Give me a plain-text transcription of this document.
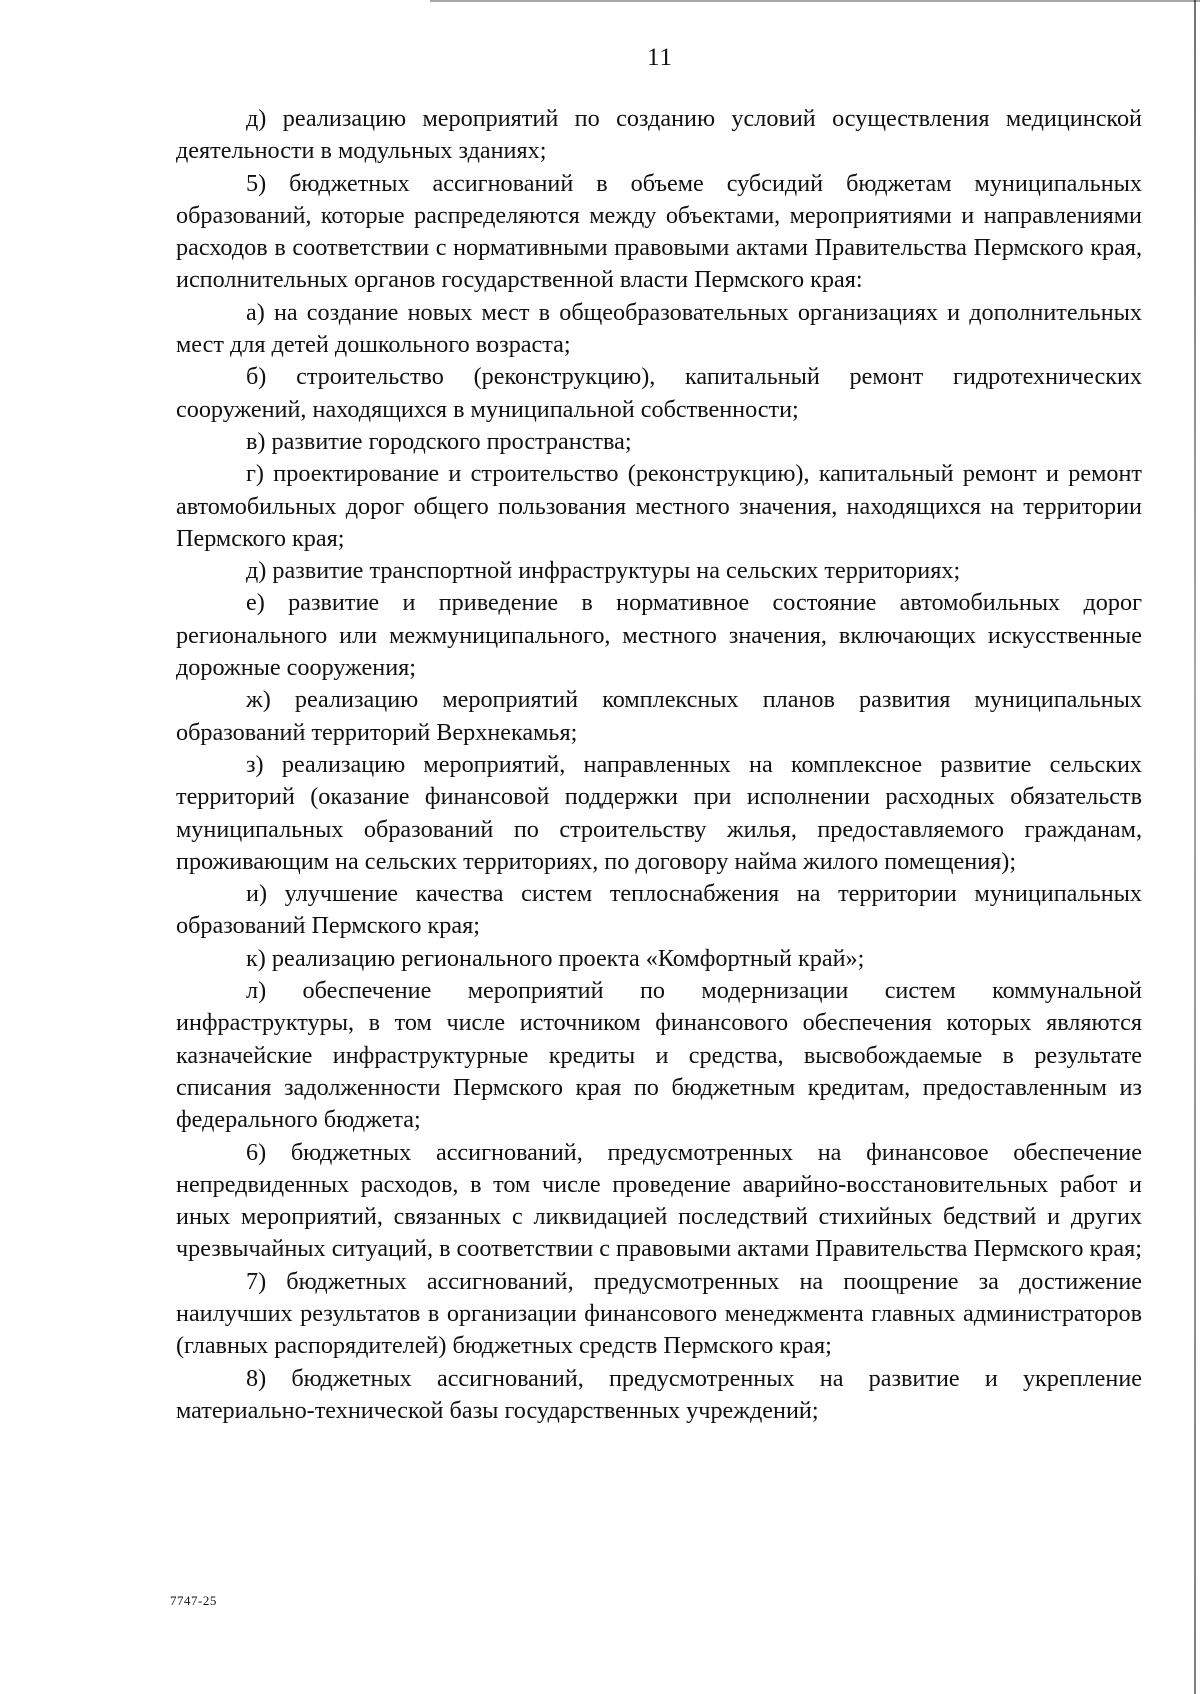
11

д) реализацию мероприятий по созданию условий осуществления медицинской деятельности в модульных зданиях;

5) бюджетных ассигнований в объеме субсидий бюджетам муниципальных образований, которые распределяются между объектами, мероприятиями и направлениями расходов в соответствии с нормативными правовыми актами Правительства Пермского края, исполнительных органов государственной власти Пермского края:

а) на создание новых мест в общеобразовательных организациях и дополнительных мест для детей дошкольного возраста;

б) строительство (реконструкцию), капитальный ремонт гидротехнических сооружений, находящихся в муниципальной собственности;

в) развитие городского пространства;

г) проектирование и строительство (реконструкцию), капитальный ремонт и ремонт автомобильных дорог общего пользования местного значения, находящихся на территории Пермского края;

д) развитие транспортной инфраструктуры на сельских территориях;

е) развитие и приведение в нормативное состояние автомобильных дорог регионального или межмуниципального, местного значения, включающих искусственные дорожные сооружения;

ж) реализацию мероприятий комплексных планов развития муниципальных образований территорий Верхнекамья;

з) реализацию мероприятий, направленных на комплексное развитие сельских территорий (оказание финансовой поддержки при исполнении расходных обязательств муниципальных образований по строительству жилья, предоставляемого гражданам, проживающим на сельских территориях, по договору найма жилого помещения);

и) улучшение качества систем теплоснабжения на территории муниципальных образований Пермского края;

к) реализацию регионального проекта «Комфортный край»;

л) обеспечение мероприятий по модернизации систем коммунальной инфраструктуры, в том числе источником финансового обеспечения которых являются казначейские инфраструктурные кредиты и средства, высвобождаемые в результате списания задолженности Пермского края по бюджетным кредитам, предоставленным из федерального бюджета;

6) бюджетных ассигнований, предусмотренных на финансовое обеспечение непредвиденных расходов, в том числе проведение аварийно-восстановительных работ и иных мероприятий, связанных с ликвидацией последствий стихийных бедствий и других чрезвычайных ситуаций, в соответствии с правовыми актами Правительства Пермского края;

7) бюджетных ассигнований, предусмотренных на поощрение за достижение наилучших результатов в организации финансового менеджмента главных администраторов (главных распорядителей) бюджетных средств Пермского края;

8) бюджетных ассигнований, предусмотренных на развитие и укрепление материально-технической базы государственных учреждений;

7747-25
